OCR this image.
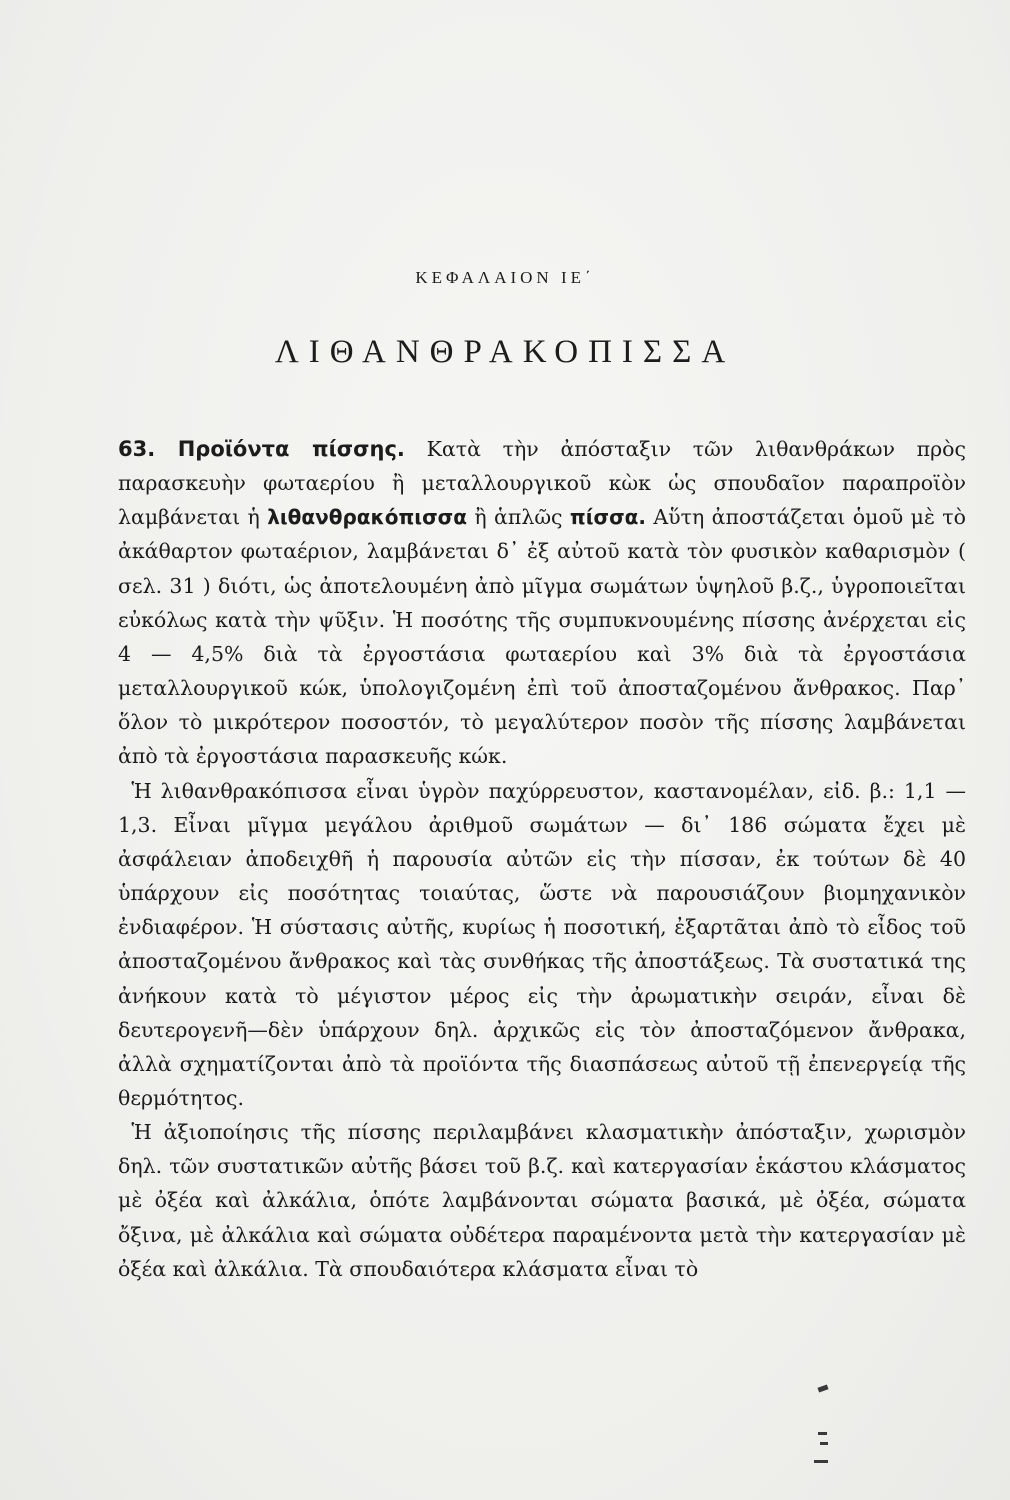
ΚΕΦΑΛΑΙΟΝ ΙΕ΄
ΛΙΘΑΝΘΡΑΚΟΠΙΣΣΑ

63. Προϊόντα πίσσης. Κατὰ τὴν ἀπόσταξιν τῶν λιθανθράκων πρὸς παρασκευὴν φωταερίου ἢ μεταλλουργικοῦ κὼκ ὡς σπουδαῖον παραπροϊὸν λαμβάνεται ἡ λιθανθρακόπισσα ἢ ἁπλῶς πίσσα. Αὕτη ἀποστάζεται ὁμοῦ μὲ τὸ ἀκάθαρτον φωταέριον, λαμβάνεται δ᾽ ἐξ αὐτοῦ κατὰ τὸν φυσικὸν καθαρισμὸν ( σελ. 31 ) διότι, ὡς ἀποτελουμένη ἀπὸ μῖγμα σωμάτων ὑψηλοῦ β.ζ., ὑγροποιεῖται εὐκόλως κατὰ τὴν ψῦξιν. Ἡ ποσότης τῆς συμπυκνουμένης πίσσης ἀνέρχεται εἰς 4 — 4,5% διὰ τὰ ἐργοστάσια φωταερίου καὶ 3% διὰ τὰ ἐργοστάσια μεταλλουργικοῦ κώκ, ὑπολογιζομένη ἐπὶ τοῦ ἀποσταζομένου ἄνθρακος. Παρ᾽ ὅλον τὸ μικρότερον ποσοστόν, τὸ μεγαλύτερον ποσὸν τῆς πίσσης λαμβάνεται ἀπὸ τὰ ἐργοστάσια παρασκευῆς κώκ.

Ἡ λιθανθρακόπισσα εἶναι ὑγρὸν παχύρρευστον, καστανομέλαν, εἰδ. β.: 1,1 — 1,3. Εἶναι μῖγμα μεγάλου ἀριθμοῦ σωμάτων — δι᾽ 186 σώματα ἔχει μὲ ἀσφάλειαν ἀποδειχθῆ ἡ παρουσία αὐτῶν εἰς τὴν πίσσαν, ἐκ τούτων δὲ 40 ὑπάρχουν εἰς ποσότητας τοιαύτας, ὥστε νὰ παρουσιάζουν βιομηχανικὸν ἐνδιαφέρον. Ἡ σύστασις αὐτῆς, κυρίως ἡ ποσοτική, ἐξαρτᾶται ἀπὸ τὸ εἶδος τοῦ ἀποσταζομένου ἄνθρακος καὶ τὰς συνθήκας τῆς ἀποστάξεως. Τὰ συστατικά της ἀνήκουν κατὰ τὸ μέγιστον μέρος εἰς τὴν ἀρωματικὴν σειράν, εἶναι δὲ δευτερογενῆ—δὲν ὑπάρχουν δηλ. ἀρχικῶς εἰς τὸν ἀποσταζόμενον ἄνθρακα, ἀλλὰ σχηματίζονται ἀπὸ τὰ προϊόντα τῆς διασπάσεως αὐτοῦ τῇ ἐπενεργείᾳ τῆς θερμότητος.

Ἡ ἀξιοποίησις τῆς πίσσης περιλαμβάνει κλασματικὴν ἀπόσταξιν, χωρισμὸν δηλ. τῶν συστατικῶν αὐτῆς βάσει τοῦ β.ζ. καὶ κατεργασίαν ἑκάστου κλάσματος μὲ ὀξέα καὶ ἀλκάλια, ὁπότε λαμβάνονται σώματα βασικά, μὲ ὀξέα, σώματα ὄξινα, μὲ ἀλκάλια καὶ σώματα οὐδέτερα παραμένοντα μετὰ τὴν κατεργασίαν μὲ ὀξέα καὶ ἀλκάλια. Τὰ σπουδαιότερα κλάσματα εἶναι τὸ
